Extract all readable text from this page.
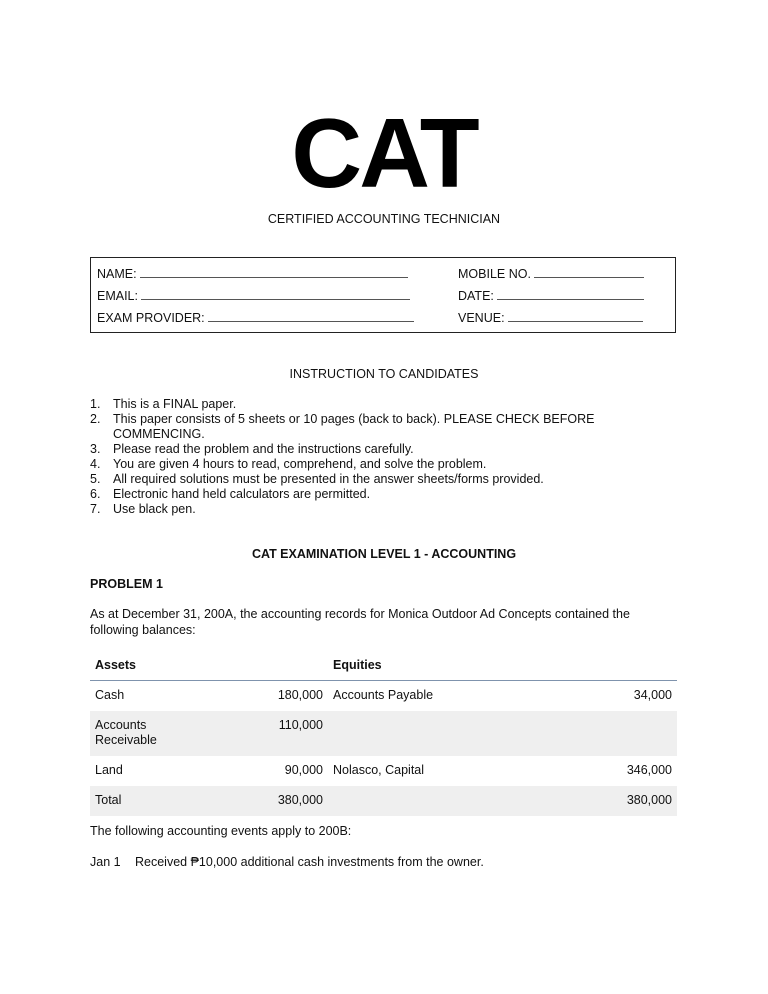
CAT
CERTIFIED ACCOUNTING TECHNICIAN
NAME:
EMAIL:
EXAM PROVIDER:
MOBILE NO.
DATE:
VENUE:
INSTRUCTION TO CANDIDATES
1. This is a FINAL paper.
2. This paper consists of 5 sheets or 10 pages (back to back). PLEASE CHECK BEFORE COMMENCING.
3. Please read the problem and the instructions carefully.
4. You are given 4 hours to read, comprehend, and solve the problem.
5. All required solutions must be presented in the answer sheets/forms provided.
6. Electronic hand held calculators are permitted.
7. Use black pen.
CAT EXAMINATION LEVEL 1 - ACCOUNTING
PROBLEM 1
As at December 31, 200A, the accounting records for Monica Outdoor Ad Concepts contained the following balances:
Assets		Equities	
Cash	180,000	Accounts Payable	34,000
Accounts Receivable	110,000		
Land	90,000	Nolasco, Capital	346,000
Total	380,000		380,000
The following accounting events apply to 200B:
Jan 1 Received ₱10,000 additional cash investments from the owner.
